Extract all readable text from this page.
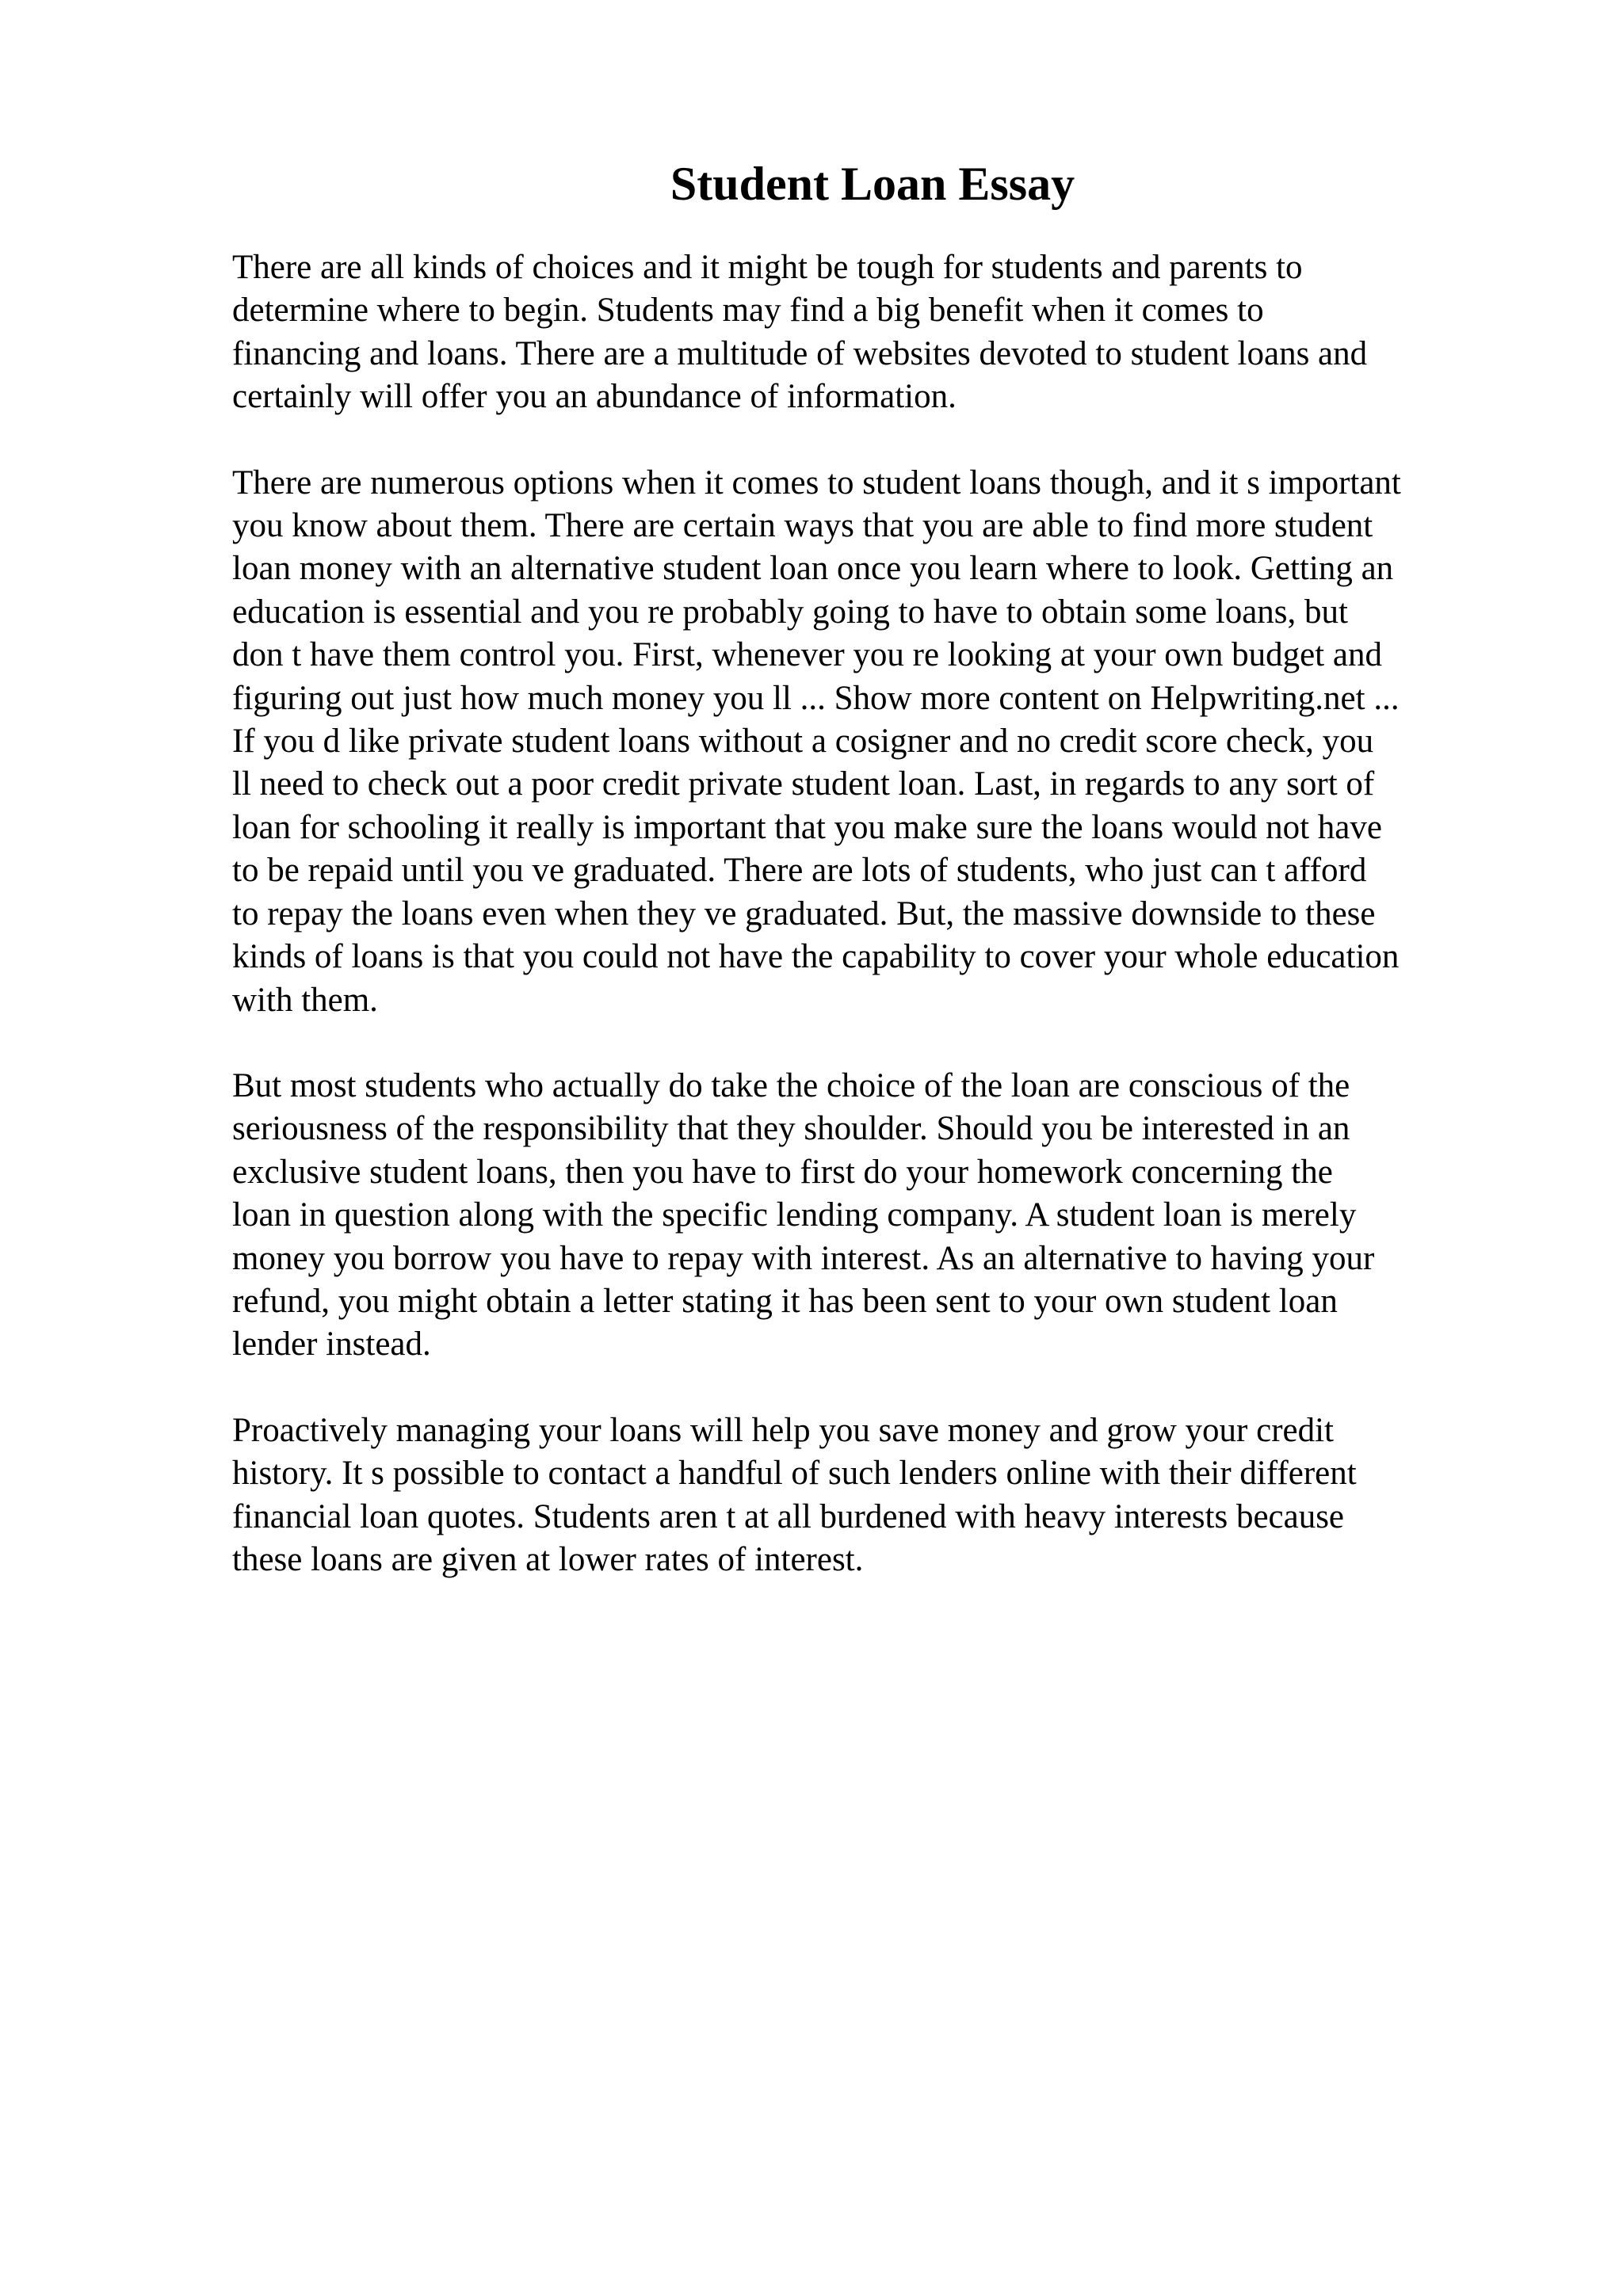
Student Loan Essay

There are all kinds of choices and it might be tough for students and parents to
determine where to begin. Students may find a big benefit when it comes to
financing and loans. There are a multitude of websites devoted to student loans and
certainly will offer you an abundance of information.

There are numerous options when it comes to student loans though, and it s important
you know about them. There are certain ways that you are able to find more student
loan money with an alternative student loan once you learn where to look. Getting an
education is essential and you re probably going to have to obtain some loans, but
don t have them control you. First, whenever you re looking at your own budget and
figuring out just how much money you ll ... Show more content on Helpwriting.net ...
If you d like private student loans without a cosigner and no credit score check, you
ll need to check out a poor credit private student loan. Last, in regards to any sort of
loan for schooling it really is important that you make sure the loans would not have
to be repaid until you ve graduated. There are lots of students, who just can t afford
to repay the loans even when they ve graduated. But, the massive downside to these
kinds of loans is that you could not have the capability to cover your whole education
with them.

But most students who actually do take the choice of the loan are conscious of the
seriousness of the responsibility that they shoulder. Should you be interested in an
exclusive student loans, then you have to first do your homework concerning the
loan in question along with the specific lending company. A student loan is merely
money you borrow you have to repay with interest. As an alternative to having your
refund, you might obtain a letter stating it has been sent to your own student loan
lender instead.

Proactively managing your loans will help you save money and grow your credit
history. It s possible to contact a handful of such lenders online with their different
financial loan quotes. Students aren t at all burdened with heavy interests because
these loans are given at lower rates of interest.
